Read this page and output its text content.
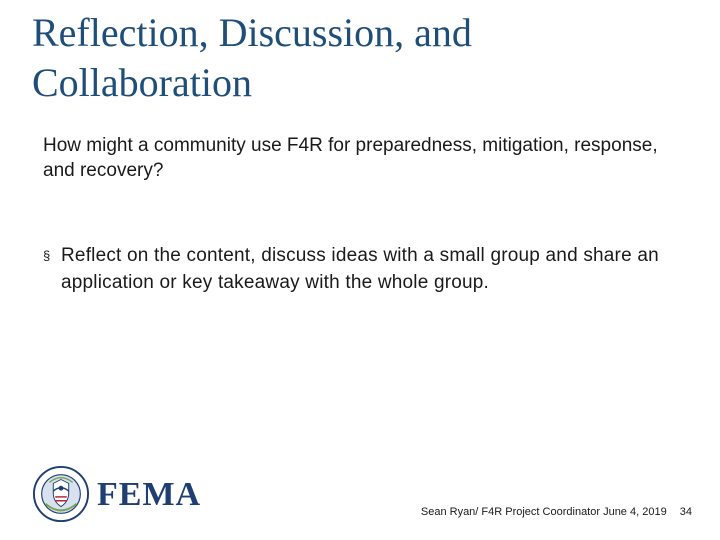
Reflection, Discussion, and Collaboration
How might a community use F4R for preparedness, mitigation, response, and recovery?
§ Reflect on the content, discuss ideas with a small group and share an application or key takeaway with the whole group.
FEMA	Sean Ryan/ F4R Project Coordinator June 4, 2019 34
